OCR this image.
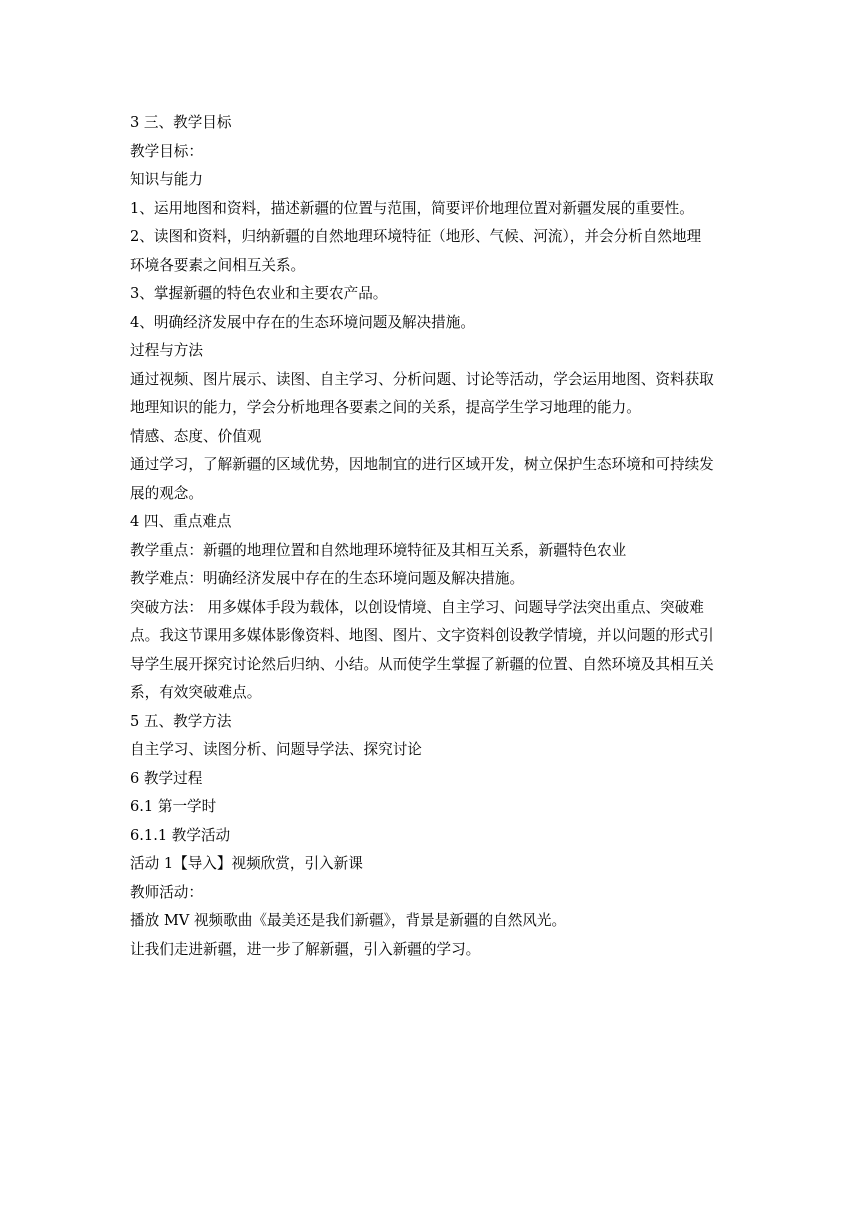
3 三、教学目标
教学目标：
知识与能力
1、运用地图和资料，描述新疆的位置与范围，简要评价地理位置对新疆发展的重要性。
2、读图和资料，归纳新疆的自然地理环境特征（地形、气候、河流），并会分析自然地理
环境各要素之间相互关系。
3、掌握新疆的特色农业和主要农产品。
4、明确经济发展中存在的生态环境问题及解决措施。
过程与方法
通过视频、图片展示、读图、自主学习、分析问题、讨论等活动，学会运用地图、资料获取
地理知识的能力，学会分析地理各要素之间的关系，提高学生学习地理的能力。
情感、态度、价值观
通过学习，了解新疆的区域优势，因地制宜的进行区域开发，树立保护生态环境和可持续发
展的观念。
4 四、重点难点
教学重点：新疆的地理位置和自然地理环境特征及其相互关系，新疆特色农业
教学难点：明确经济发展中存在的生态环境问题及解决措施。
突破方法： 用多媒体手段为载体，以创设情境、自主学习、问题导学法突出重点、突破难
点。我这节课用多媒体影像资料、地图、图片、文字资料创设教学情境，并以问题的形式引
导学生展开探究讨论然后归纳、小结。从而使学生掌握了新疆的位置、自然环境及其相互关
系，有效突破难点。
5 五、教学方法
自主学习、读图分析、问题导学法、探究讨论
6 教学过程
6.1 第一学时
6.1.1 教学活动
活动 1【导入】视频欣赏，引入新课
教师活动：
播放 MV 视频歌曲《最美还是我们新疆》，背景是新疆的自然风光。
让我们走进新疆，进一步了解新疆，引入新疆的学习。
